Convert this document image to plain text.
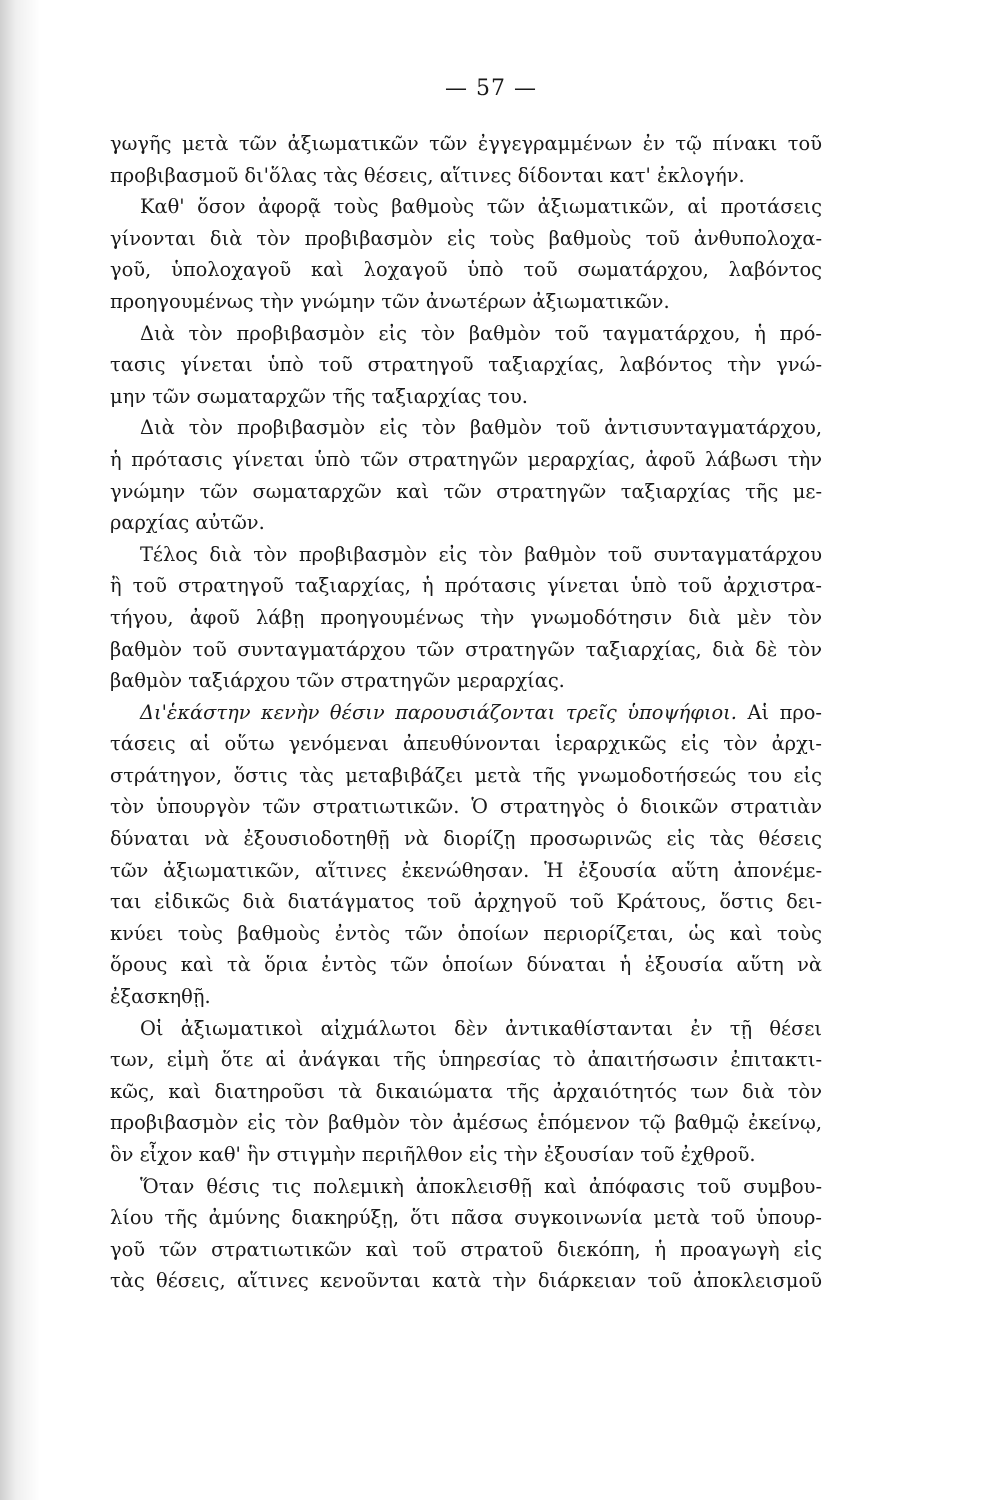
— 57 —

γωγῆς μετὰ τῶν ἀξιωματικῶν τῶν ἐγγεγραμμένων ἐν τῷ πίνακι τοῦ
προβιβασμοῦ δι'ὅλας τὰς θέσεις, αἵτινες δίδονται κατ' ἐκλογήν.

Καθ' ὅσον ἀφορᾷ τοὺς βαθμοὺς τῶν ἀξιωματικῶν, αἱ προτάσεις
γίνονται διὰ τὸν προβιβασμὸν εἰς τοὺς βαθμοὺς τοῦ ἀνθυπολοχα-
γοῦ, ὑπολοχαγοῦ καὶ λοχαγοῦ ὑπὸ τοῦ σωματάρχου, λαβόντος
προηγουμένως τὴν γνώμην τῶν ἀνωτέρων ἀξιωματικῶν.

Διὰ τὸν προβιβασμὸν εἰς τὸν βαθμὸν τοῦ ταγματάρχου, ἡ πρό-
τασις γίνεται ὑπὸ τοῦ στρατηγοῦ ταξιαρχίας, λαβόντος τὴν γνώ-
μην τῶν σωματαρχῶν τῆς ταξιαρχίας του.

Διὰ τὸν προβιβασμὸν εἰς τὸν βαθμὸν τοῦ ἀντισυνταγματάρχου,
ἡ πρότασις γίνεται ὑπὸ τῶν στρατηγῶν μεραρχίας, ἀφοῦ λάβωσι τὴν
γνώμην τῶν σωματαρχῶν καὶ τῶν στρατηγῶν ταξιαρχίας τῆς με-
ραρχίας αὐτῶν.

Τέλος διὰ τὸν προβιβασμὸν εἰς τὸν βαθμὸν τοῦ συνταγματάρχου
ἢ τοῦ στρατηγοῦ ταξιαρχίας, ἡ πρότασις γίνεται ὑπὸ τοῦ ἀρχιστρα-
τήγου, ἀφοῦ λάβῃ προηγουμένως τὴν γνωμοδότησιν διὰ μὲν τὸν
βαθμὸν τοῦ συνταγματάρχου τῶν στρατηγῶν ταξιαρχίας, διὰ δὲ τὸν
βαθμὸν ταξιάρχου τῶν στρατηγῶν μεραρχίας.

Δι'ἑκάστην κενὴν θέσιν παρουσιάζονται τρεῖς ὑποψήφιοι. Αἱ προ-
τάσεις αἱ οὕτω γενόμεναι ἀπευθύνονται ἱεραρχικῶς εἰς τὸν ἀρχι-
στράτηγον, ὅστις τὰς μεταβιβάζει μετὰ τῆς γνωμοδοτήσεώς του εἰς
τὸν ὑπουργὸν τῶν στρατιωτικῶν. Ὁ στρατηγὸς ὁ διοικῶν στρατιὰν
δύναται νὰ ἐξουσιοδοτηθῇ νὰ διορίζῃ προσωρινῶς εἰς τὰς θέσεις
τῶν ἀξιωματικῶν, αἵτινες ἐκενώθησαν. Ἡ ἐξουσία αὕτη ἀπονέμε-
ται εἰδικῶς διὰ διατάγματος τοῦ ἀρχηγοῦ τοῦ Κράτους, ὅστις δει-
κνύει τοὺς βαθμοὺς ἐντὸς τῶν ὁποίων περιορίζεται, ὡς καὶ τοὺς
ὅρους καὶ τὰ ὅρια ἐντὸς τῶν ὁποίων δύναται ἡ ἐξουσία αὕτη νὰ
ἐξασκηθῇ.

Οἱ ἀξιωματικοὶ αἰχμάλωτοι δὲν ἀντικαθίστανται ἐν τῇ θέσει
των, εἰμὴ ὅτε αἱ ἀνάγκαι τῆς ὑπηρεσίας τὸ ἀπαιτήσωσιν ἐπιτακτι-
κῶς, καὶ διατηροῦσι τὰ δικαιώματα τῆς ἀρχαιότητός των διὰ τὸν
προβιβασμὸν εἰς τὸν βαθμὸν τὸν ἀμέσως ἑπόμενον τῷ βαθμῷ ἐκείνῳ,
ὃν εἶχον καθ' ἣν στιγμὴν περιῆλθον εἰς τὴν ἐξουσίαν τοῦ ἐχθροῦ.

Ὅταν θέσις τις πολεμικὴ ἀποκλεισθῇ καὶ ἀπόφασις τοῦ συμβου-
λίου τῆς ἀμύνης διακηρύξῃ, ὅτι πᾶσα συγκοινωνία μετὰ τοῦ ὑπουρ-
γοῦ τῶν στρατιωτικῶν καὶ τοῦ στρατοῦ διεκόπη, ἡ προαγωγὴ εἰς
τὰς θέσεις, αἵτινες κενοῦνται κατὰ τὴν διάρκειαν τοῦ ἀποκλεισμοῦ
